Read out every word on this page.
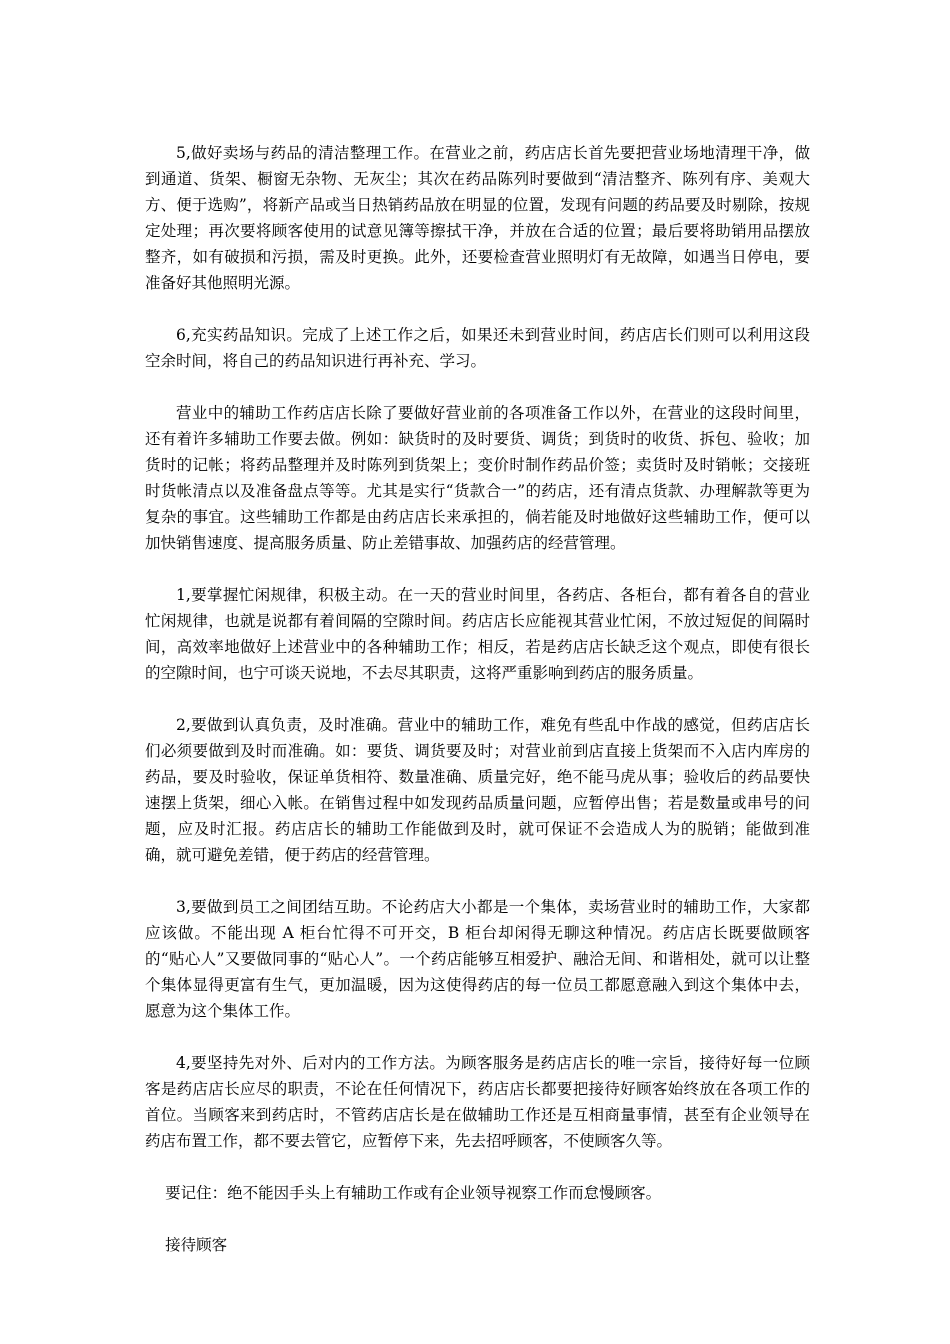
5,做好卖场与药品的清洁整理工作。在营业之前，药店店长首先要把营业场地清理干净，做到通道、货架、橱窗无杂物、无灰尘；其次在药品陈列时要做到“清洁整齐、陈列有序、美观大方、便于选购”，将新产品或当日热销药品放在明显的位置，发现有问题的药品要及时剔除，按规定处理；再次要将顾客使用的试意见簿等擦拭干净，并放在合适的位置；最后要将助销用品摆放整齐，如有破损和污损，需及时更换。此外，还要检查营业照明灯有无故障，如遇当日停电，要准备好其他照明光源。

6,充实药品知识。完成了上述工作之后，如果还未到营业时间，药店店长们则可以利用这段空余时间，将自己的药品知识进行再补充、学习。

营业中的辅助工作药店店长除了要做好营业前的各项准备工作以外，在营业的这段时间里，还有着许多辅助工作要去做。例如：缺货时的及时要货、调货；到货时的收货、拆包、验收；加货时的记帐；将药品整理并及时陈列到货架上；变价时制作药品价签；卖货时及时销帐；交接班时货帐清点以及准备盘点等等。尤其是实行“货款合一”的药店，还有清点货款、办理解款等更为复杂的事宜。这些辅助工作都是由药店店长来承担的，倘若能及时地做好这些辅助工作，便可以加快销售速度、提高服务质量、防止差错事故、加强药店的经营管理。

1,要掌握忙闲规律，积极主动。在一天的营业时间里，各药店、各柜台，都有着各自的营业忙闲规律，也就是说都有着间隔的空隙时间。药店店长应能视其营业忙闲，不放过短促的间隔时间，高效率地做好上述营业中的各种辅助工作；相反，若是药店店长缺乏这个观点，即使有很长的空隙时间，也宁可谈天说地，不去尽其职责，这将严重影响到药店的服务质量。

2,要做到认真负责，及时准确。营业中的辅助工作，难免有些乱中作战的感觉，但药店店长们必须要做到及时而准确。如：要货、调货要及时；对营业前到店直接上货架而不入店内库房的药品，要及时验收，保证单货相符、数量准确、质量完好，绝不能马虎从事；验收后的药品要快速摆上货架，细心入帐。在销售过程中如发现药品质量问题，应暂停出售；若是数量或串号的问题，应及时汇报。药店店长的辅助工作能做到及时，就可保证不会造成人为的脱销；能做到准确，就可避免差错，便于药店的经营管理。

3,要做到员工之间团结互助。不论药店大小都是一个集体，卖场营业时的辅助工作，大家都应该做。不能出现 A 柜台忙得不可开交，B 柜台却闲得无聊这种情况。药店店长既要做顾客的“贴心人”又要做同事的“贴心人”。一个药店能够互相爱护、融洽无间、和谐相处，就可以让整个集体显得更富有生气，更加温暖，因为这使得药店的每一位员工都愿意融入到这个集体中去，愿意为这个集体工作。

4,要坚持先对外、后对内的工作方法。为顾客服务是药店店长的唯一宗旨，接待好每一位顾客是药店店长应尽的职责，不论在任何情况下，药店店长都要把接待好顾客始终放在各项工作的首位。当顾客来到药店时，不管药店店长是在做辅助工作还是互相商量事情，甚至有企业领导在药店布置工作，都不要去管它，应暂停下来，先去招呼顾客，不使顾客久等。

要记住：绝不能因手头上有辅助工作或有企业领导视察工作而怠慢顾客。

接待顾客
